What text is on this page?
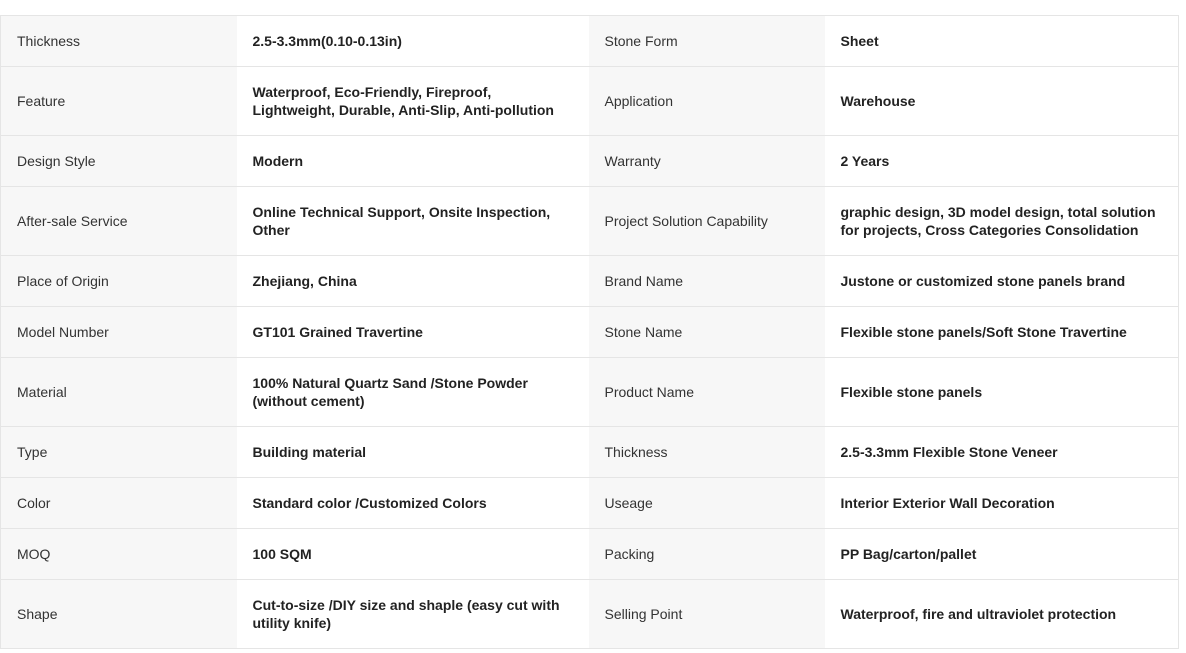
Thickness	2.5-3.3mm(0.10-0.13in)	Stone Form	Sheet
Feature	Waterproof, Eco-Friendly, Fireproof, Lightweight, Durable, Anti-Slip, Anti-pollution	Application	Warehouse
Design Style	Modern	Warranty	2 Years
After-sale Service	Online Technical Support, Onsite Inspection, Other	Project Solution Capability	graphic design, 3D model design, total solution for projects, Cross Categories Consolidation
Place of Origin	Zhejiang, China	Brand Name	Justone or customized stone panels brand
Model Number	GT101 Grained Travertine	Stone Name	Flexible stone panels/Soft Stone Travertine
Material	100% Natural Quartz Sand /Stone Powder (without cement)	Product Name	Flexible stone panels
Type	Building material	Thickness	2.5-3.3mm Flexible Stone Veneer
Color	Standard color /Customized Colors	Useage	Interior Exterior Wall Decoration
MOQ	100 SQM	Packing	PP Bag/carton/pallet
Shape	Cut-to-size /DIY size and shaple (easy cut with utility knife)	Selling Point	Waterproof, fire and ultraviolet protection
